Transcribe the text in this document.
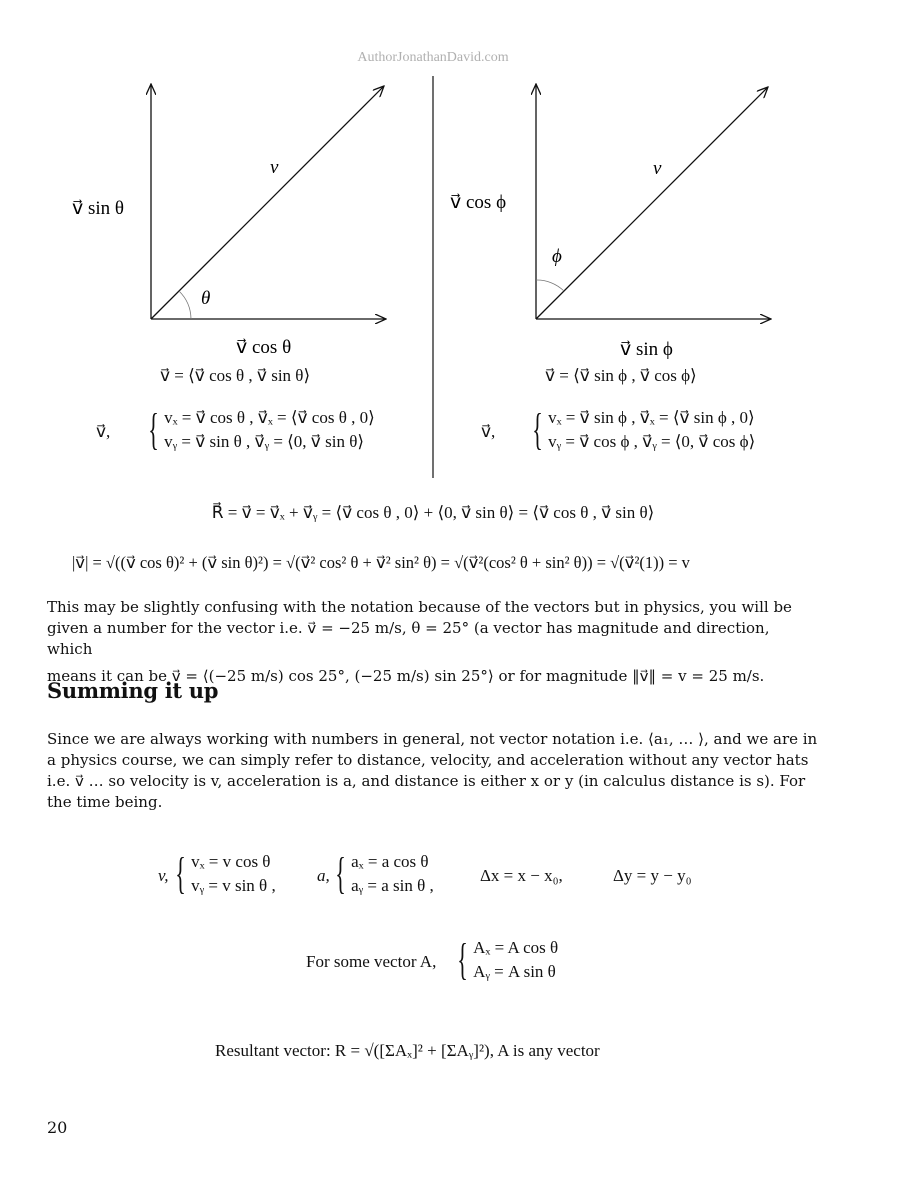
AuthorJonathanDavid.com
v⃗
v⃗ sin θ
v⃗ cos θ
θ
v⃗
v⃗ cos ϕ
v⃗ sin ϕ
ϕ
v⃗ = ⟨v⃗ cos θ , v⃗ sin θ⟩	v⃗ = ⟨v⃗ sin ϕ , v⃗ cos ϕ⟩
v⃗, { vₓ = v⃗ cos θ , v⃗ₓ = ⟨v⃗ cos θ , 0⟩
vᵧ = v⃗ sin θ , v⃗ᵧ = ⟨0, v⃗ sin θ⟩
v⃗, { vₓ = v⃗ sin ϕ , v⃗ₓ = ⟨v⃗ sin ϕ , 0⟩
vᵧ = v⃗ cos ϕ , v⃗ᵧ = ⟨0, v⃗ cos ϕ⟩
R⃗ = v⃗ = v⃗ₓ + v⃗ᵧ = ⟨v⃗ cos θ , 0⟩ + ⟨0, v⃗ sin θ⟩ = ⟨v⃗ cos θ , v⃗ sin θ⟩
|v⃗| = √((v⃗ cos θ)² + (v⃗ sin θ)²) = √(v⃗² cos² θ + v⃗² sin² θ) = √(v⃗²(cos² θ + sin² θ)) = √(v⃗²(1)) = v
This may be slightly confusing with the notation because of the vectors but in physics, you will be
given a number for the vector i.e. v⃗ = −25 m/s, θ = 25° (a vector has magnitude and direction, which
means it can be v⃗ = ⟨(−25 m/s) cos 25°, (−25 m/s) sin 25°⟩ or for magnitude ‖v⃗‖ = v = 25 m/s.
Summing it up
Since we are always working with numbers in general, not vector notation i.e. ⟨a₁, … ⟩, and we are in
a physics course, we can simply refer to distance, velocity, and acceleration without any vector hats
i.e. v⃗ … so velocity is v, acceleration is a, and distance is either x or y (in calculus distance is s). For
the time being.
v, { vₓ = v cos θ
vᵧ = v sin θ ,
a, { aₓ = a cos θ
aᵧ = a sin θ ,
Δx = x − x₀,	Δy = y − y₀
For some vector A, { Aₓ = A cos θ
Aᵧ = A sin θ
Resultant vector: R = √([ΣAₓ]² + [ΣAᵧ]²), A is any vector
20
